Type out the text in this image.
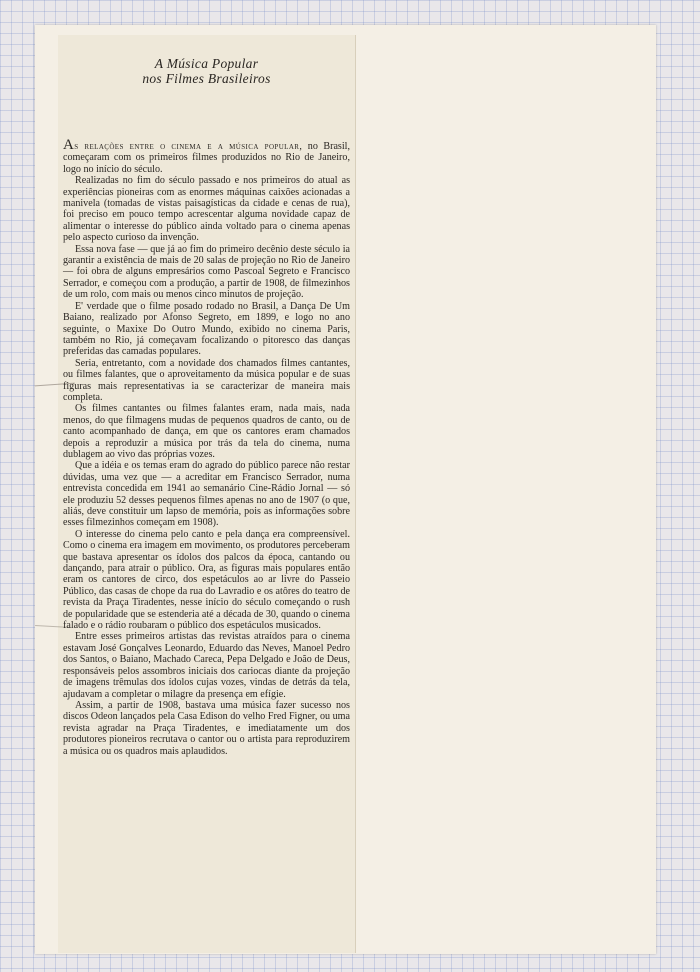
A Música Popular
nos Filmes Brasileiros

As relações entre o cinema e a música popular, no Brasil, começaram com os primeiros filmes produzidos no Rio de Janeiro, logo no início do século.

Realizadas no fim do século passado e nos primeiros do atual as experiências pioneiras com as enormes máquinas caixões acionadas a manivela (tomadas de vistas paisagísticas da cidade e cenas de rua), foi preciso em pouco tempo acrescentar alguma novidade capaz de alimentar o interesse do público ainda voltado para o cinema apenas pelo aspecto curioso da invenção.

Essa nova fase — que já ao fim do primeiro decênio deste século ia garantir a existência de mais de 20 salas de projeção no Rio de Janeiro — foi obra de alguns empresários como Pascoal Segreto e Francisco Serrador, e começou com a produção, a partir de 1908, de filmezinhos de um rolo, com mais ou menos cinco minutos de projeção.

E' verdade que o filme posado rodado no Brasil, a Dança De Um Baiano, realizado por Afonso Segreto, em 1899, e logo no ano seguinte, o Maxixe Do Outro Mundo, exibido no cinema Paris, também no Rio, já começavam focalizando o pitoresco das danças preferidas das camadas populares.

Seria, entretanto, com a novidade dos chamados filmes cantantes, ou filmes falantes, que o aproveitamento da música popular e de suas figuras mais representativas ia se caracterizar de maneira mais completa.

Os filmes cantantes ou filmes falantes eram, nada mais, nada menos, do que filmagens mudas de pequenos quadros de canto, ou de canto acompanhado de dança, em que os cantores eram chamados depois a reproduzir a música por trás da tela do cinema, numa dublagem ao vivo das próprias vozes.

Que a idéia e os temas eram do agrado do público parece não restar dúvidas, uma vez que — a acreditar em Francisco Serrador, numa entrevista concedida em 1941 ao semanário Cine-Rádio Jornal — só ele produziu 52 desses pequenos filmes apenas no ano de 1907 (o que, aliás, deve constituir um lapso de memória, pois as informações sobre esses filmezinhos começam em 1908).

O interesse do cinema pelo canto e pela dança era compreensível. Como o cinema era imagem em movimento, os produtores perceberam que bastava apresentar os ídolos dos palcos da época, cantando ou dançando, para atrair o público. Ora, as figuras mais populares então eram os cantores de circo, dos espetáculos ao ar livre do Passeio Público, das casas de chope da rua do Lavradio e os atôres do teatro de revista da Praça Tiradentes, nesse início do século começando o rush de popularidade que se estenderia até a década de 30, quando o cinema falado e o rádio roubaram o público dos espetáculos musicados.

Entre esses primeiros artistas das revistas atraídos para o cinema estavam José Gonçalves Leonardo, Eduardo das Neves, Manoel Pedro dos Santos, o Baiano, Machado Careca, Pepa Delgado e João de Deus, responsáveis pelos assombros iniciais dos cariocas diante da projeção de imagens trêmulas dos ídolos cujas vozes, vindas de detrás da tela, ajudavam a completar o milagre da presença em efígie.

Assim, a partir de 1908, bastava uma música fazer sucesso nos discos Odeon lançados pela Casa Edison do velho Fred Figner, ou uma revista agradar na Praça Tiradentes, e imediatamente um dos produtores pioneiros recrutava o cantor ou o artista para reproduzirem a música ou os quadros mais aplaudidos.
